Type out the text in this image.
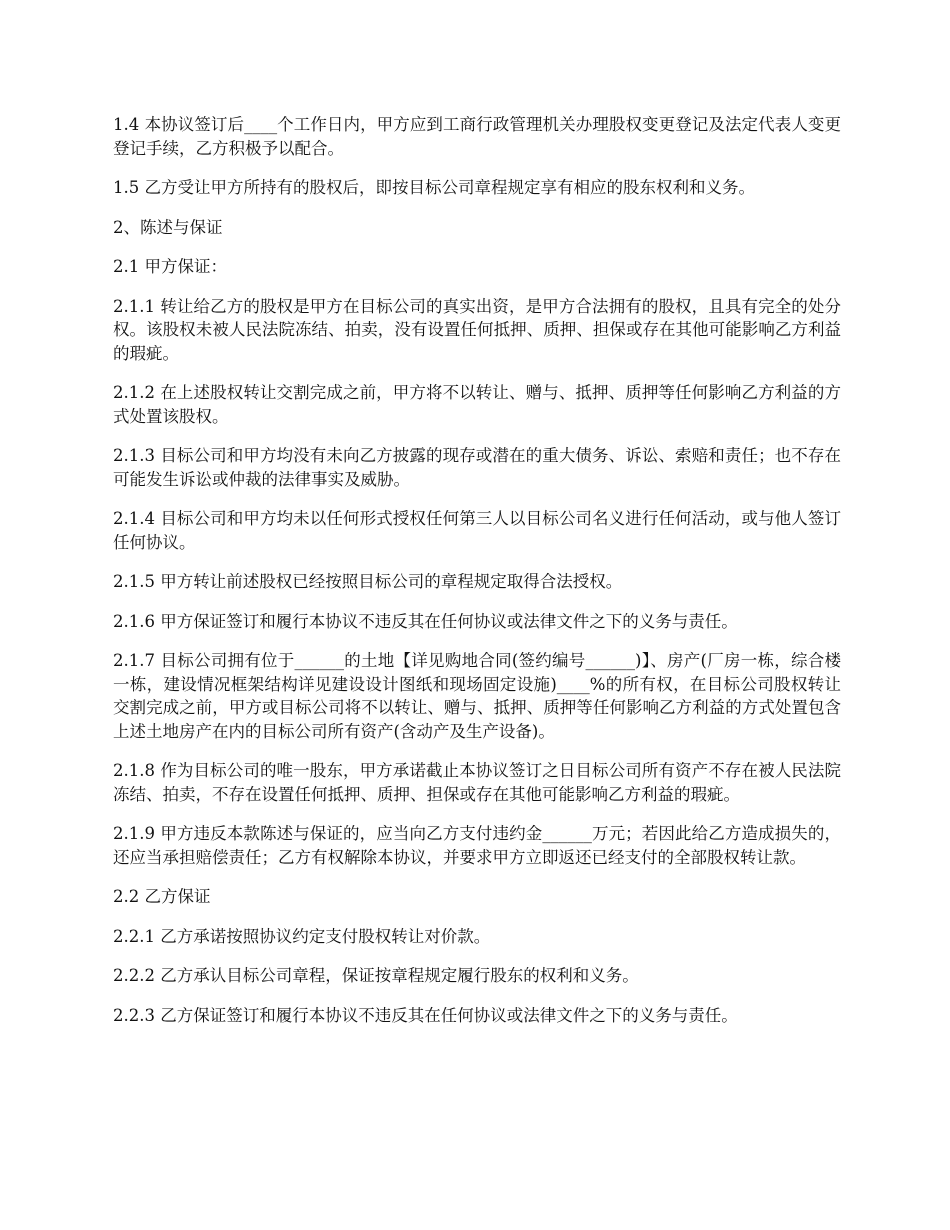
1.4 本协议签订后____个工作日内，甲方应到工商行政管理机关办理股权变更登记及法定代表人变更登记手续，乙方积极予以配合。

1.5 乙方受让甲方所持有的股权后，即按目标公司章程规定享有相应的股东权利和义务。

2、陈述与保证

2.1 甲方保证：

2.1.1 转让给乙方的股权是甲方在目标公司的真实出资，是甲方合法拥有的股权，且具有完全的处分权。该股权未被人民法院冻结、拍卖，没有设置任何抵押、质押、担保或存在其他可能影响乙方利益的瑕疵。

2.1.2 在上述股权转让交割完成之前，甲方将不以转让、赠与、抵押、质押等任何影响乙方利益的方式处置该股权。

2.1.3 目标公司和甲方均没有未向乙方披露的现存或潜在的重大债务、诉讼、索赔和责任；也不存在可能发生诉讼或仲裁的法律事实及威胁。

2.1.4 目标公司和甲方均未以任何形式授权任何第三人以目标公司名义进行任何活动，或与他人签订任何协议。

2.1.5 甲方转让前述股权已经按照目标公司的章程规定取得合法授权。

2.1.6 甲方保证签订和履行本协议不违反其在任何协议或法律文件之下的义务与责任。

2.1.7 目标公司拥有位于______的土地【详见购地合同(签约编号______)】、房产(厂房一栋，综合楼一栋，建设情况框架结构详见建设设计图纸和现场固定设施)____%的所有权，在目标公司股权转让交割完成之前，甲方或目标公司将不以转让、赠与、抵押、质押等任何影响乙方利益的方式处置包含上述土地房产在内的目标公司所有资产(含动产及生产设备)。

2.1.8 作为目标公司的唯一股东，甲方承诺截止本协议签订之日目标公司所有资产不存在被人民法院冻结、拍卖，不存在设置任何抵押、质押、担保或存在其他可能影响乙方利益的瑕疵。

2.1.9 甲方违反本款陈述与保证的，应当向乙方支付违约金______万元；若因此给乙方造成损失的，还应当承担赔偿责任；乙方有权解除本协议，并要求甲方立即返还已经支付的全部股权转让款。

2.2 乙方保证

2.2.1 乙方承诺按照协议约定支付股权转让对价款。

2.2.2 乙方承认目标公司章程，保证按章程规定履行股东的权利和义务。

2.2.3 乙方保证签订和履行本协议不违反其在任何协议或法律文件之下的义务与责任。
